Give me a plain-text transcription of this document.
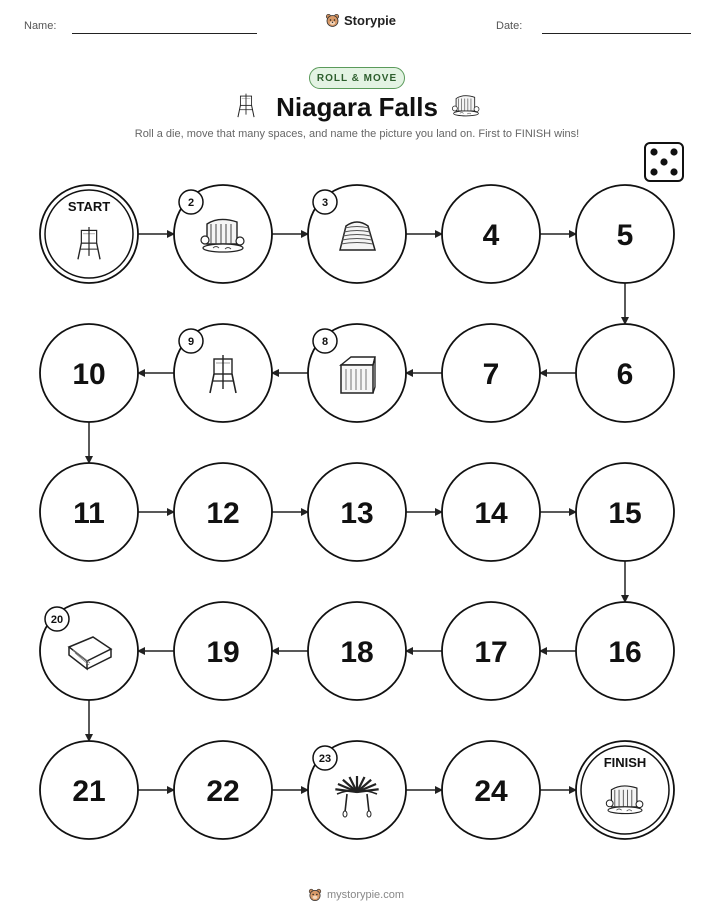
Name:	Storypie	Date:
ROLL & MOVE
Niagara Falls
Roll a die, move that many spaces, and name the picture you land on. First to FINISH wins!
START	2	3
4	5
6
7
8
9
10
11	12	13	14	15
16
17
18
19
20
21	22
23
24
FINISH
mystorypie.com
